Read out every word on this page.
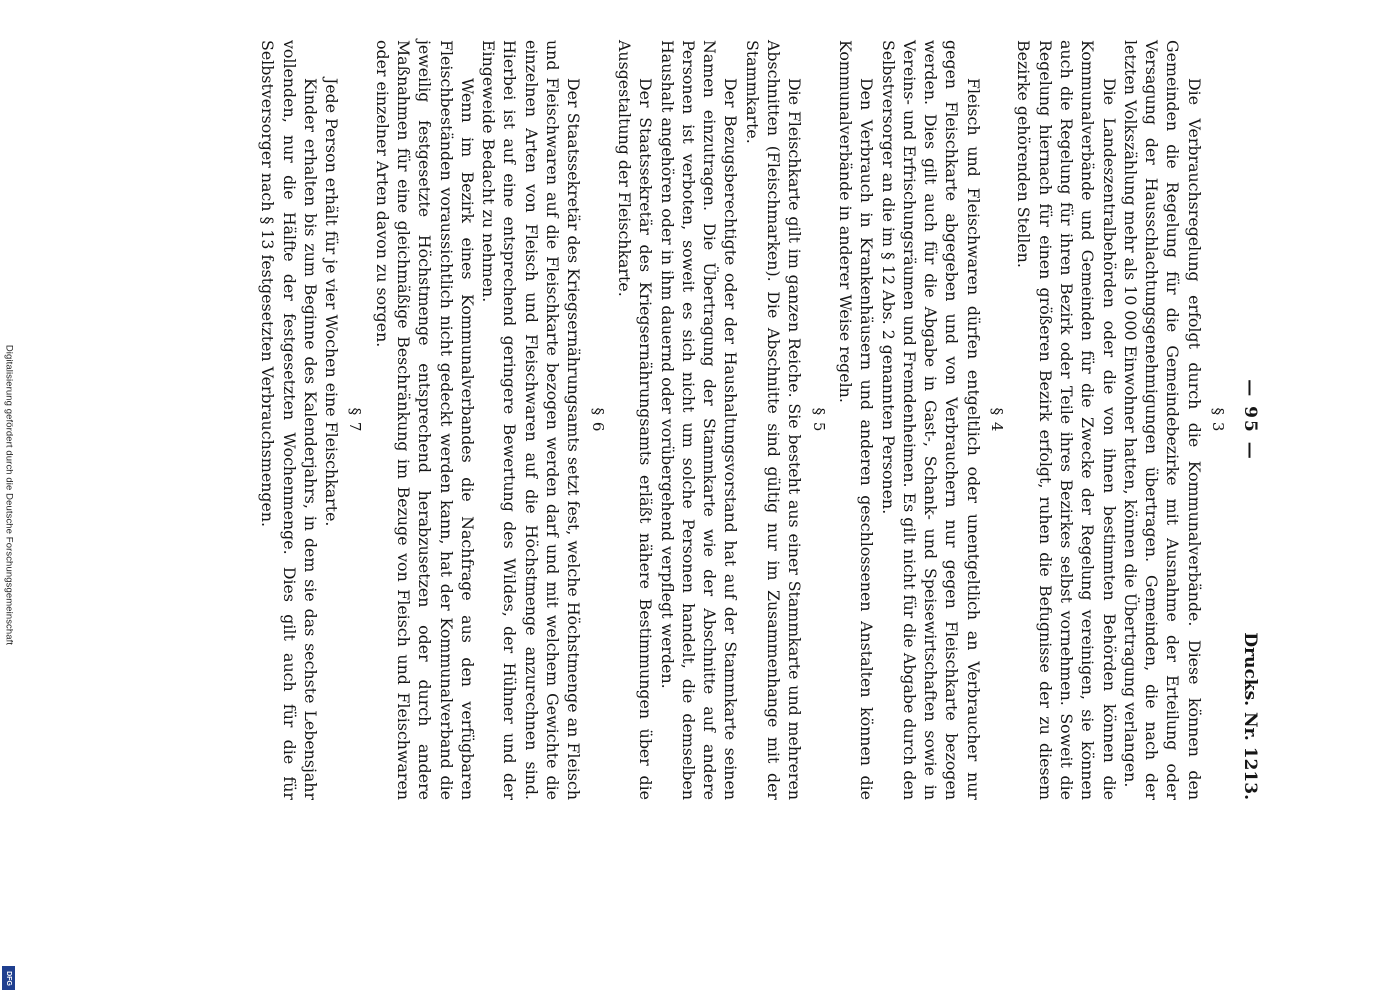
Digitalisierung gefördert durch die Deutsche Forschungsgemeinschaft
DFG
— 95 —
Drucks. Nr. 1213.
§ 3

Die Verbrauchsregelung erfolgt durch die Kommunalverbände. Diese können den Gemeinden die Regelung für die Gemeindebezirke mit Ausnahme der Erteilung oder Versagung der Hausschlachtungsgenehmigungen übertragen. Gemeinden, die nach der letzten Volkszählung mehr als 10 000 Einwohner hatten, können die Übertragung verlangen.

Die Landeszentralbehörden oder die von ihnen bestimmten Behörden können die Kommunalverbände und Gemeinden für die Zwecke der Regelung vereinigen, sie können auch die Regelung für ihren Bezirk oder Teile ihres Bezirkes selbst vornehmen. Soweit die Regelung hiernach für einen größeren Bezirk erfolgt, ruhen die Befugnisse der zu diesem Bezirke gehörenden Stellen.

§ 4

Fleisch und Fleischwaren dürfen entgeltlich oder unentgeltlich an Verbraucher nur gegen Fleischkarte abgegeben und von Verbrauchern nur gegen Fleischkarte bezogen werden. Dies gilt auch für die Abgabe in Gast-, Schank- und Speisewirtschaften sowie in Vereins- und Erfrischungsräumen und Fremdenheimen. Es gilt nicht für die Abgabe durch den Selbstversorger an die im § 12 Abs. 2 genannten Personen.

Den Verbrauch in Krankenhäusern und anderen geschlossenen Anstalten können die Kommunalverbände in anderer Weise regeln.

§ 5

Die Fleischkarte gilt im ganzen Reiche. Sie besteht aus einer Stammkarte und mehreren Abschnitten (Fleischmarken). Die Abschnitte sind gültig nur im Zusammenhange mit der Stammkarte.

Der Bezugsberechtigte oder der Haushaltungsvorstand hat auf der Stammkarte seinen Namen einzutragen. Die Übertragung der Stammkarte wie der Abschnitte auf andere Personen ist verboten, soweit es sich nicht um solche Personen handelt, die demselben Haushalt angehören oder in ihm dauernd oder vorübergehend verpflegt werden.

Der Staatssekretär des Kriegsernährungsamts erläßt nähere Bestimmungen über die Ausgestaltung der Fleischkarte.

§ 6

Der Staatssekretär des Kriegsernährungsamts setzt fest, welche Höchstmenge an Fleisch und Fleischwaren auf die Fleischkarte bezogen werden darf und mit welchem Gewichte die einzelnen Arten von Fleisch und Fleischwaren auf die Höchstmenge anzurechnen sind. Hierbei ist auf eine entsprechend geringere Bewertung des Wildes, der Hühner und der Eingeweide Bedacht zu nehmen.

Wenn im Bezirk eines Kommunalverbandes die Nachfrage aus den verfügbaren Fleischbeständen voraussichtlich nicht gedeckt werden kann, hat der Kommunalverband die jeweilig festgesetzte Höchstmenge entsprechend herabzusetzen oder durch andere Maßnahmen für eine gleichmäßige Beschränkung im Bezuge von Fleisch und Fleischwaren oder einzelner Arten davon zu sorgen.

§ 7

Jede Person erhält für je vier Wochen eine Fleischkarte.

Kinder erhalten bis zum Beginne des Kalenderjahrs, in dem sie das sechste Lebensjahr vollenden, nur die Hälfte der festgesetzten Wochenmenge. Dies gilt auch für die für Selbstversorger nach § 13 festgesetzten Verbrauchsmengen.
